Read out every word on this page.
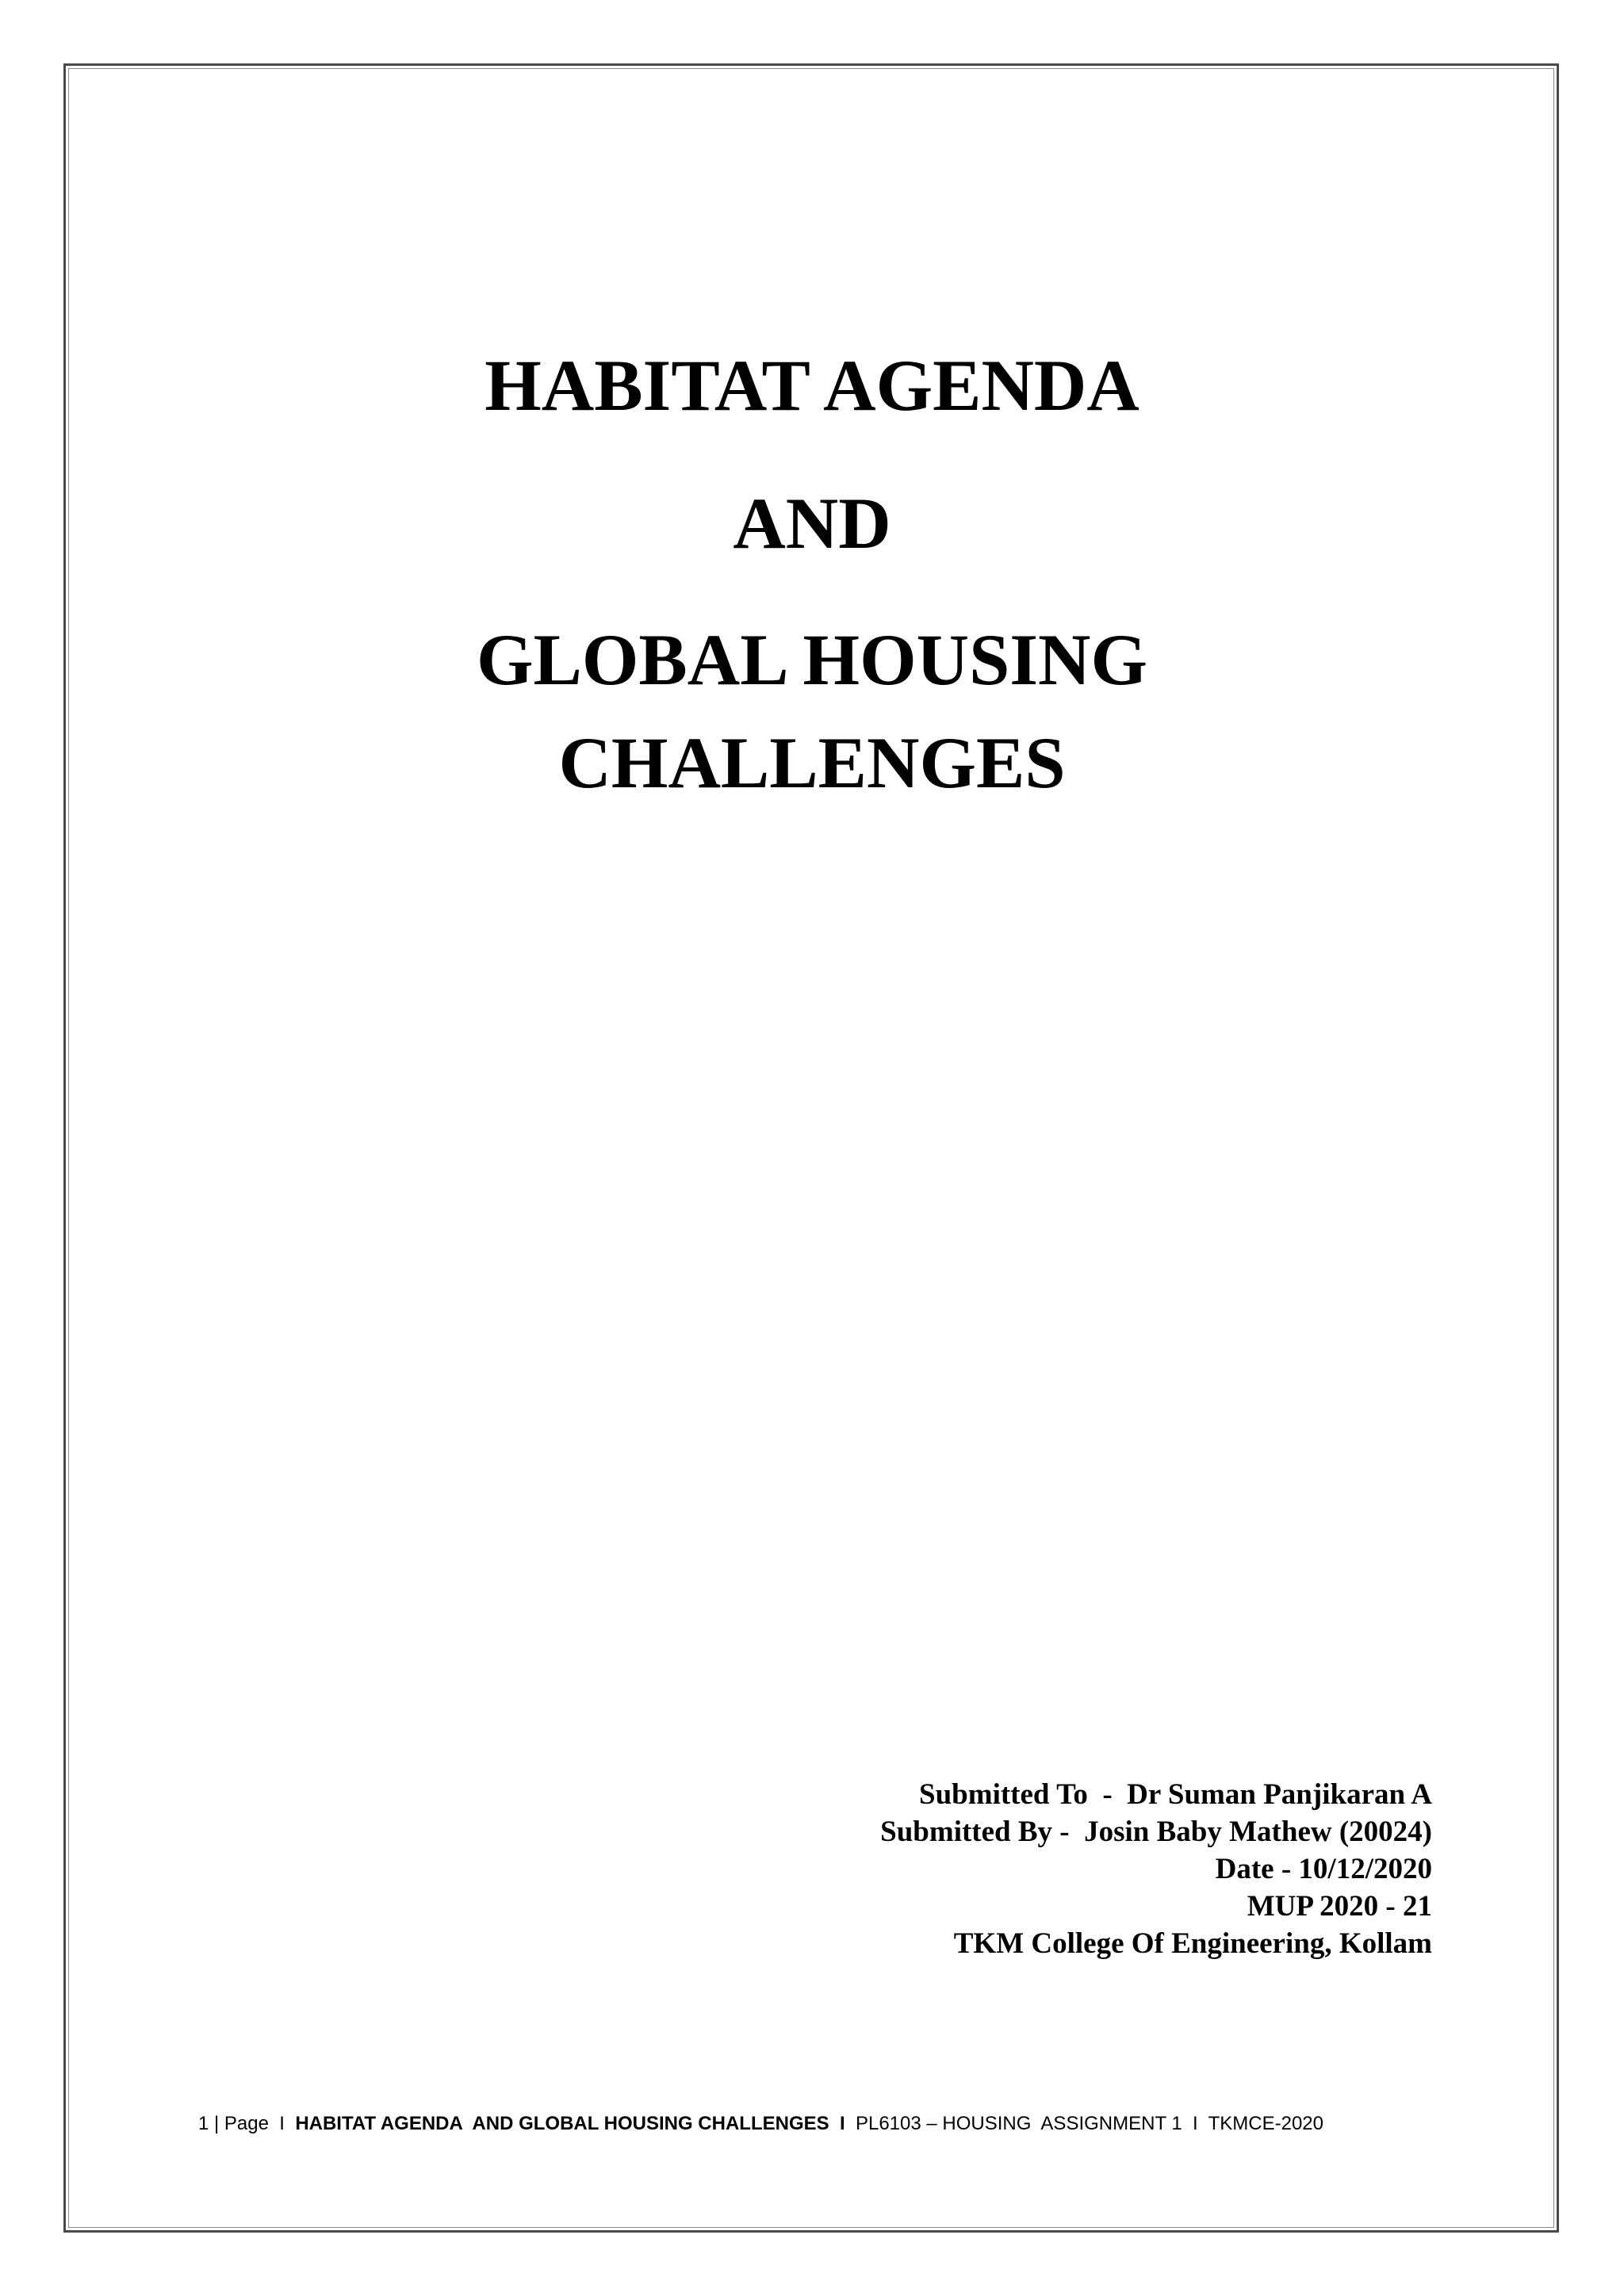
HABITAT AGENDA
AND
GLOBAL HOUSING
CHALLENGES
Submitted To  -  Dr Suman Panjikaran A
Submitted By -  Josin Baby Mathew (20024)
Date - 10/12/2020
MUP 2020 - 21
TKM College Of Engineering, Kollam
1 | Page  I  HABITAT AGENDA  AND GLOBAL HOUSING CHALLENGES  I  PL6103 – HOUSING  ASSIGNMENT 1  I  TKMCE-2020
